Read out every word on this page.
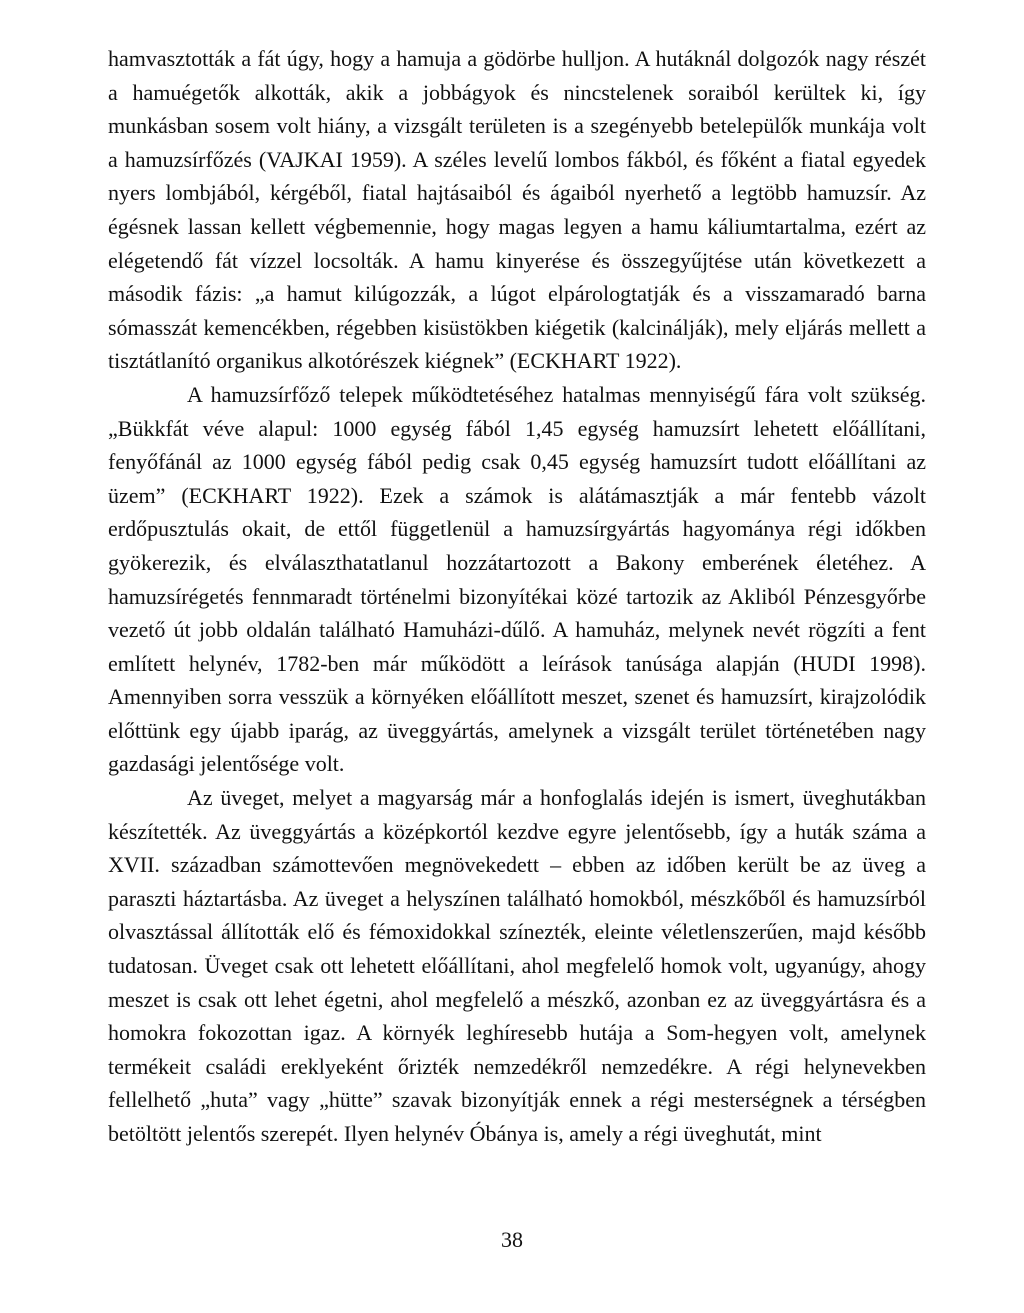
hamvasztották a fát úgy, hogy a hamuja a gödörbe hulljon. A hutáknál dolgozók nagy részét a hamuégetők alkották, akik a jobbágyok és nincstelenek soraiból kerültek ki, így munkásban sosem volt hiány, a vizsgált területen is a szegényebb betelepülők munkája volt a hamuzsírfőzés (VAJKAI 1959). A széles levelű lombos fákból, és főként a fiatal egyedek nyers lombjából, kérgéből, fiatal hajtásaiból és ágaiból nyerhető a legtöbb hamuzsír. Az égésnek lassan kellett végbemennie, hogy magas legyen a hamu káliumtartalma, ezért az elégetendő fát vízzel locsolták. A hamu kinyerése és összegyűjtése után következett a második fázis: „a hamut kilúgozzák, a lúgot elpárologtatják és a visszamaradó barna sómasszát kemencékben, régebben kisüstökben kiégetik (kalcinálják), mely eljárás mellett a tisztátlanító organikus alkotórészek kiégnek” (ECKHART 1922).

A hamuzsírfőző telepek működtetéséhez hatalmas mennyiségű fára volt szükség. „Bükkfát véve alapul: 1000 egység fából 1,45 egység hamuzsírt lehetett előállítani, fenyőfánál az 1000 egység fából pedig csak 0,45 egység hamuzsírt tudott előállítani az üzem” (ECKHART 1922). Ezek a számok is alátámasztják a már fentebb vázolt erdőpusztulás okait, de ettől függetlenül a hamuzsírgyártás hagyománya régi időkben gyökerezik, és elválaszthatatlanul hozzátartozott a Bakony emberének életéhez. A hamuzsírégetés fennmaradt történelmi bizonyítékai közé tartozik az Akliból Pénzesgyőrbe vezető út jobb oldalán található Hamuházi-dűlő. A hamuház, melynek nevét rögzíti a fent említett helynév, 1782-ben már működött a leírások tanúsága alapján (HUDI 1998). Amennyiben sorra vesszük a környéken előállított meszet, szenet és hamuzsírt, kirajzolódik előttünk egy újabb iparág, az üveggyártás, amelynek a vizsgált terület történetében nagy gazdasági jelentősége volt.

Az üveget, melyet a magyarság már a honfoglalás idején is ismert, üveghutákban készítették. Az üveggyártás a középkortól kezdve egyre jelentősebb, így a huták száma a XVII. században számottevően megnövekedett – ebben az időben került be az üveg a paraszti háztartásba. Az üveget a helyszínen található homokból, mészkőből és hamuzsírból olvasztással állították elő és fémoxidokkal színezték, eleinte véletlenszerűen, majd később tudatosan. Üveget csak ott lehetett előállítani, ahol megfelelő homok volt, ugyanúgy, ahogy meszet is csak ott lehet égetni, ahol megfelelő a mészkő, azonban ez az üveggyártásra és a homokra fokozottan igaz. A környék leghíresebb hutája a Som-hegyen volt, amelynek termékeit családi ereklyeként őrizték nemzedékről nemzedékre. A régi helynevekben fellelhető „huta” vagy „hütte” szavak bizonyítják ennek a régi mesterségnek a térségben betöltött jelentős szerepét. Ilyen helynév Óbánya is, amely a régi üveghutát, mint

38
